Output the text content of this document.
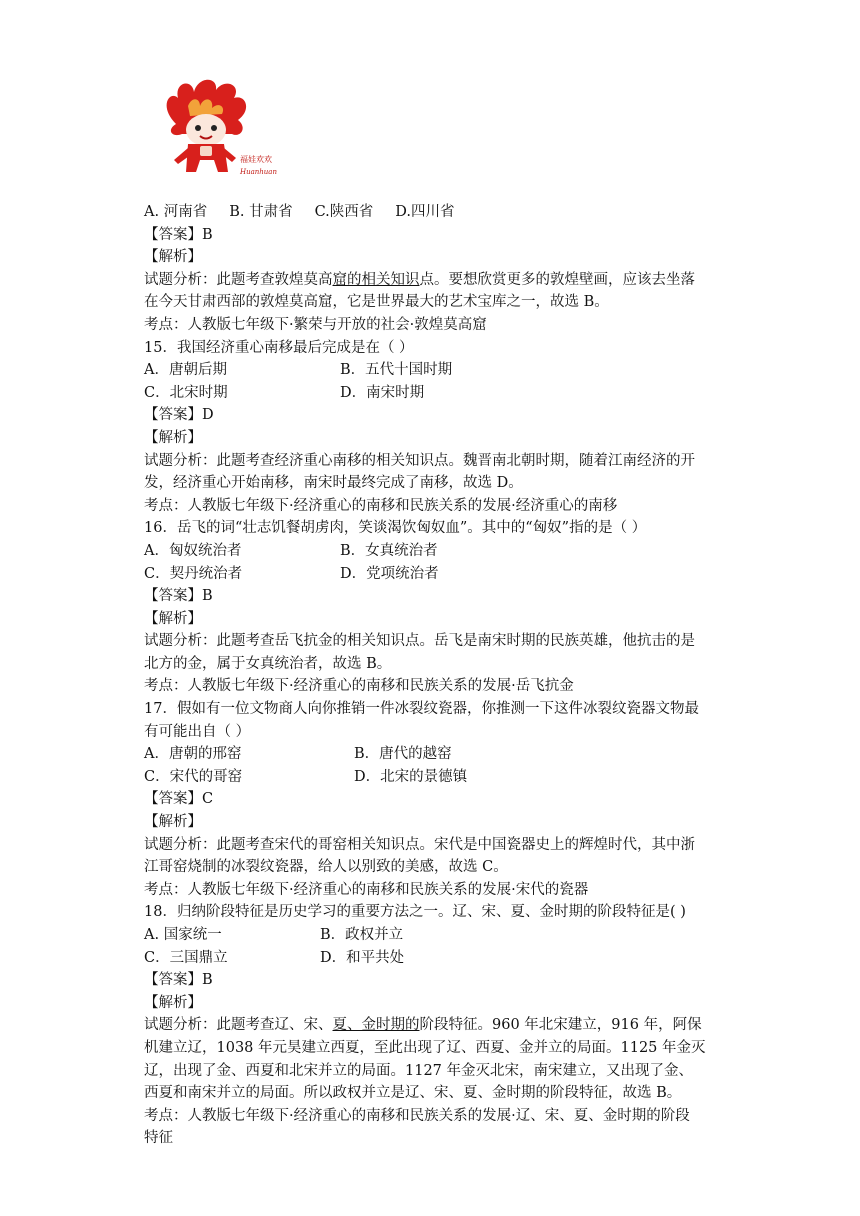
福娃欢欢
Huanhuan
A. 河南省 B. 甘肃省 C.陕西省 D.四川省
【答案】B
【解析】
试题分析：此题考查敦煌莫高窟的相关知识点。要想欣赏更多的敦煌壁画，应该去坐落
在今天甘肃西部的敦煌莫高窟，它是世界最大的艺术宝库之一，故选 B。
考点：人教版七年级下·繁荣与开放的社会·敦煌莫高窟
15．我国经济重心南移最后完成是在（ ）
A．唐朝后期	B．五代十国时期
C．北宋时期	D．南宋时期
【答案】D
【解析】
试题分析：此题考查经济重心南移的相关知识点。魏晋南北朝时期，随着江南经济的开
发，经济重心开始南移，南宋时最终完成了南移，故选 D。
考点：人教版七年级下·经济重心的南移和民族关系的发展·经济重心的南移
16．岳飞的词“壮志饥餐胡虏肉，笑谈渴饮匈奴血”。其中的“匈奴”指的是（ ）
A．匈奴统治者	B．女真统治者
C．契丹统治者	D．党项统治者
【答案】B
【解析】
试题分析：此题考查岳飞抗金的相关知识点。岳飞是南宋时期的民族英雄，他抗击的是
北方的金，属于女真统治者，故选 B。
考点：人教版七年级下·经济重心的南移和民族关系的发展·岳飞抗金
17．假如有一位文物商人向你推销一件冰裂纹瓷器，你推测一下这件冰裂纹瓷器文物最
有可能出自（ ）
A．唐朝的邢窑	B．唐代的越窑
C．宋代的哥窑	D．北宋的景德镇
【答案】C
【解析】
试题分析：此题考查宋代的哥窑相关知识点。宋代是中国瓷器史上的辉煌时代，其中浙
江哥窑烧制的冰裂纹瓷器，给人以别致的美感，故选 C。
考点：人教版七年级下·经济重心的南移和民族关系的发展·宋代的瓷器
18．归纳阶段特征是历史学习的重要方法之一。辽、宋、夏、金时期的阶段特征是( )
A. 国家统一	B．政权并立
C．三国鼎立	D．和平共处
【答案】B
【解析】
试题分析：此题考查辽、宋、夏、金时期的阶段特征。960 年北宋建立，916 年，阿保
机建立辽，1038 年元昊建立西夏，至此出现了辽、西夏、金并立的局面。1125 年金灭
辽，出现了金、西夏和北宋并立的局面。1127 年金灭北宋，南宋建立，又出现了金、
西夏和南宋并立的局面。所以政权并立是辽、宋、夏、金时期的阶段特征，故选 B。
考点：人教版七年级下·经济重心的南移和民族关系的发展·辽、宋、夏、金时期的阶段
特征
